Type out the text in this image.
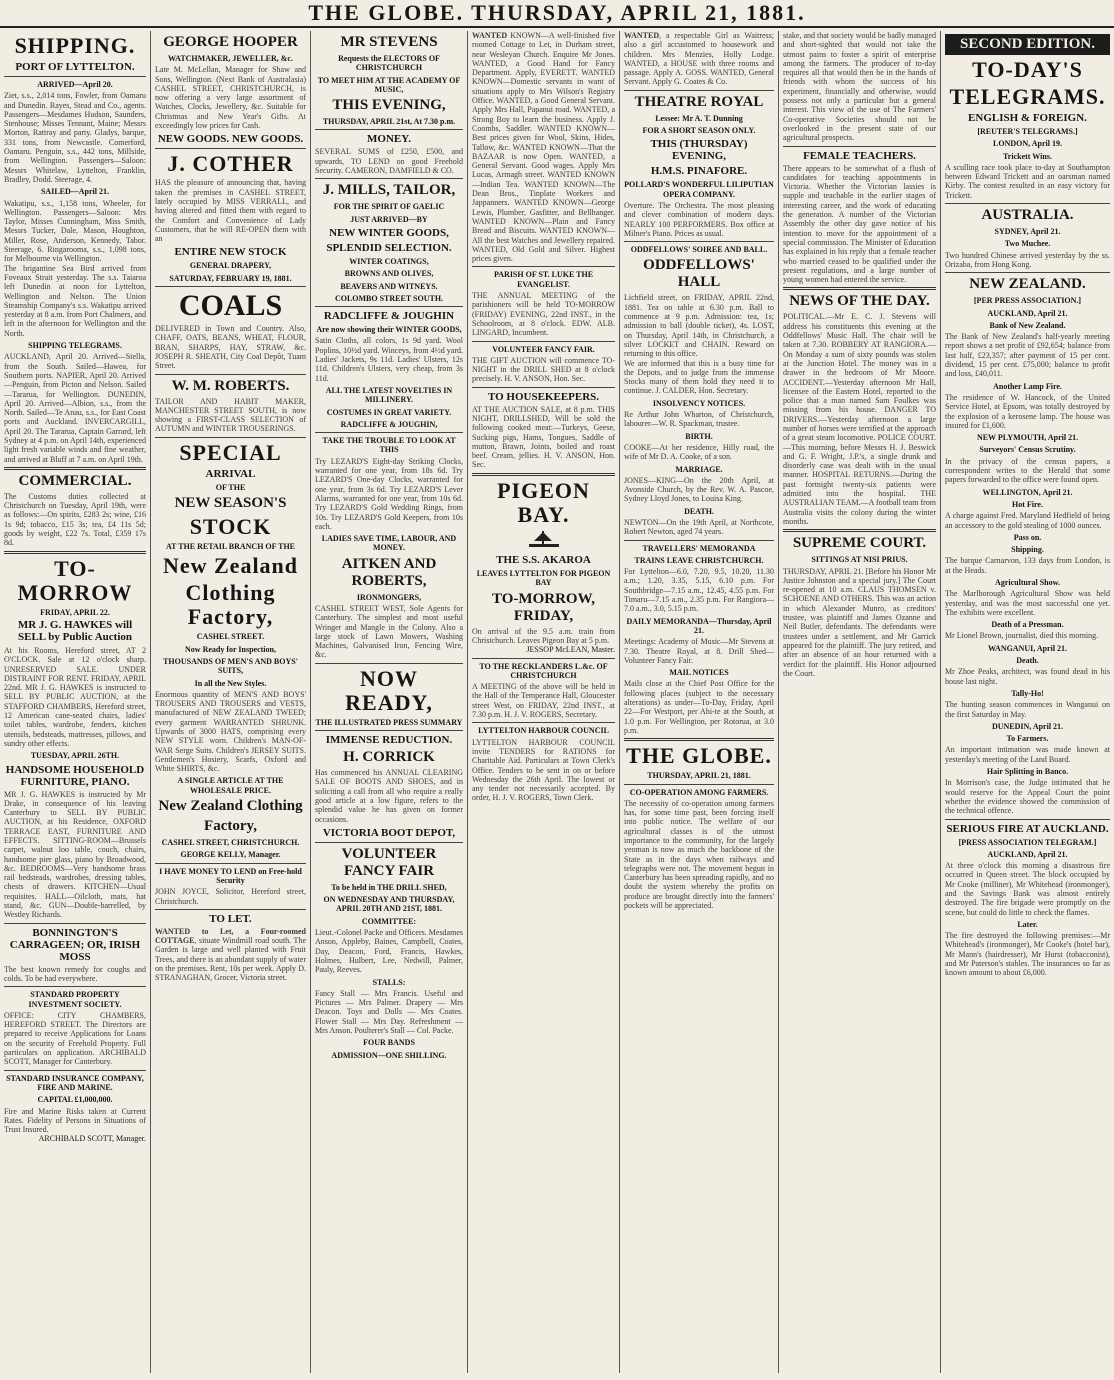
THE GLOBE. THURSDAY, APRIL 21, 1881.
SHIPPING.
PORT OF LYTTELTON.
ARRIVED—April 20.
Ziet, s.s., 2,014 tons, Fowler, from Oamaru and Dunedin. Rayes, Stead and Co., agents. Passengers—Mesdames Hudson, Saunders, Stenhouse; Misses Tennant, Maine; Messrs Morton, Rattray and party. Gladys, barque, 331 tons, from Newcastle. Comerford, Oamaru. Penguin, s.s., 442 tons, Millside, from Wellington. Passengers—Saloon: Messrs Whitelaw, Lyttelton, Franklin, Bradley, Dodd. Steerage, 4.
SAILED—April 21.
Wakatipu, s.s., 1,158 tons, Wheeler, for Wellington. Passengers—Saloon: Mrs Taylor, Misses Cunningham, Miss Smith, Messrs Tucker, Dale, Mason, Houghton, Miller, Rose, Anderson, Kennedy, Tabor. Steerage, 6. Ringarooma, s.s., 1,098 tons, for Melbourne via Wellington.
The brigantine Sea Bird arrived from Foveaux Strait yesterday. The s.s. Taiaroa left Dunedin at noon for Lyttelton, Wellington and Nelson. The Union Steamship Company's s.s. Wakatipu arrived yesterday at 8 a.m. from Port Chalmers, and left in the afternoon for Wellington and the North.
SHIPPING TELEGRAMS.
AUCKLAND, April 20. Arrived—Stella, from the South. Sailed—Hawea, for Southern ports. NAPIER, April 20. Arrived—Penguin, from Picton and Nelson. Sailed—Tararua, for Wellington. DUNEDIN, April 20. Arrived—Albion, s.s., from the North. Sailed—Te Anau, s.s., for East Coast ports and Auckland. INVERCARGILL, April 20. The Tararua, Captain Garrard, left Sydney at 4 p.m. on April 14th, experienced light fresh variable winds and fine weather, and arrived at Bluff at 7 a.m. on April 19th.
COMMERCIAL.
The Customs duties collected at Christchurch on Tuesday, April 19th, were as follows:—On spirits, £283 2s; wine, £16 1s 9d; tobacco, £15 3s; tea, £4 11s 5d; goods by weight, £22 7s. Total, £359 17s 8d.
TO-MORROW
FRIDAY, APRIL 22.
MR J. G. HAWKES will SELL by Public Auction
At his Rooms, Hereford street, AT 2 O'CLOCK. Sale at 12 o'clock sharp. UNRESERVED SALE. UNDER DISTRAINT FOR RENT. FRIDAY, APRIL 22nd. MR J. G. HAWKES is instructed to SELL BY PUBLIC AUCTION, at the STAFFORD CHAMBERS, Hereford street, 12 American cane-seated chairs, ladies' toilet tables, wardrobe, fenders, kitchen utensils, bedsteads, mattresses, pillows, and sundry other effects.
TUESDAY, APRIL 26TH.
HANDSOME HOUSEHOLD FURNITURE, PIANO.
MR J. G. HAWKES is instructed by Mr Drake, in consequence of his leaving Canterbury to SELL BY PUBLIC AUCTION, at his Residence, OXFORD TERRACE EAST, FURNITURE AND EFFECTS. SITTING-ROOM—Brussels carpet, walnut loo table, couch, chairs, handsome pier glass, piano by Broadwood, &c. BEDROOMS—Very handsome brass rail bedsteads, wardrobes, dressing tables, chests of drawers. KITCHEN—Usual requisites. HALL—Oilcloth, mats, hat stand, &c. GUN—Double-barrelled, by Westley Richards.
BONNINGTON'S CARRAGEEN; OR, IRISH MOSS
The best known remedy for coughs and colds. To be had everywhere.
STANDARD PROPERTY INVESTMENT SOCIETY.
OFFICE: CITY CHAMBERS, HEREFORD STREET. The Directors are prepared to receive Applications for Loans on the security of Freehold Property. Full particulars on application. ARCHIBALD SCOTT, Manager for Canterbury.
STANDARD INSURANCE COMPANY, FIRE AND MARINE.
CAPITAL £1,000,000.
Fire and Marine Risks taken at Current Rates. Fidelity of Persons in Situations of Trust Insured.
ARCHIBALD SCOTT, Manager.
GEORGE HOOPER
WATCHMAKER, JEWELLER, &c.
Late M. McLellan, Manager for Shaw and Sons, Wellington. (Next Bank of Australasia) CASHEL STREET, CHRISTCHURCH, is now offering a very large assortment of Watches, Clocks, Jewellery, &c. Suitable for Christmas and New Year's Gifts. At exceedingly low prices for Cash.
NEW GOODS. NEW GOODS.
J. COTHER
HAS the pleasure of announcing that, having taken the premises in CASHEL STREET, lately occupied by MISS VERRALL, and having altered and fitted them with regard to the Comfort and Convenience of Lady Customers, that he will RE-OPEN them with an
ENTIRE NEW STOCK
GENERAL DRAPERY,
SATURDAY, FEBRUARY 19, 1881.
COALS
DELIVERED in Town and Country. Also, CHAFF, OATS, BEANS, WHEAT, FLOUR, BRAN, SHARPS, HAY, STRAW, &c. JOSEPH R. SHEATH, City Coal Depôt, Tuam Street.
W. M. ROBERTS.
TAILOR AND HABIT MAKER, MANCHESTER STREET SOUTH, is now showing a FIRST-CLASS SELECTION of AUTUMN and WINTER TROUSERINGS.
SPECIAL
ARRIVAL
OF THE
NEW SEASON'S
STOCK
AT THE RETAIL BRANCH OF THE
New Zealand
Clothing Factory,
CASHEL STREET.
Now Ready for Inspection,
THOUSANDS OF MEN'S AND BOYS' SUITS,
In all the New Styles.
Enormous quantity of MEN'S AND BOYS' TROUSERS AND TROUSERS and VESTS, manufactured of NEW ZEALAND TWEED; every garment WARRANTED SHRUNK. Upwards of 3000 HATS, comprising every NEW STYLE worn. Children's MAN-OF-WAR Serge Suits. Children's JERSEY SUITS. Gentlemen's Hosiery, Scarfs, Oxford and White SHIRTS, &c.
A SINGLE ARTICLE AT THE WHOLESALE PRICE.
New Zealand Clothing
Factory,
CASHEL STREET, CHRISTCHURCH.
GEORGE KELLY, Manager.
I HAVE MONEY TO LEND on Free-hold Security
JOHN JOYCE, Solicitor, Hereford street, Christchurch.
TO LET.
WANTED to Let, a Four-roomed COTTAGE, situate Windmill road south. The Garden is large and well planted with Fruit Trees, and there is an abundant supply of water on the premises. Rent, 10s per week. Apply D. STRANAGHAN, Grocer, Victoria street.
MR STEVENS
Requests the ELECTORS OF CHRISTCHURCH
TO MEET HIM AT THE ACADEMY OF MUSIC,
THIS EVENING,
THURSDAY, APRIL 21st, At 7.30 p.m.
MONEY.
SEVERAL SUMS of £250, £500, and upwards, TO LEND on good Freehold Security. CAMERON, DAMFIELD & CO.
J. MILLS, TAILOR,
FOR THE SPIRIT OF GAELIC
JUST ARRIVED—BY
NEW WINTER GOODS,
SPLENDID SELECTION.
WINTER COATINGS,
BROWNS AND OLIVES,
BEAVERS AND WITNEYS.
COLOMBO STREET SOUTH.
RADCLIFFE & JOUGHIN
Are now showing their WINTER GOODS,
Satin Cloths, all colors, 1s 9d yard. Wool Poplins, 10½d yard. Winceys, from 4½d yard. Ladies' Jackets, 9s 11d. Ladies' Ulsters, 12s 11d. Children's Ulsters, very cheap, from 3s 11d.
ALL THE LATEST NOVELTIES IN MILLINERY.
COSTUMES IN GREAT VARIETY.
RADCLIFFE & JOUGHIN,
TAKE THE TROUBLE TO LOOK AT THIS
Try LEZARD'S Eight-day Striking Clocks, warranted for one year, from 18s 6d. Try LEZARD'S One-day Clocks, warranted for one year, from 3s 6d. Try LEZARD'S Lever Alarms, warranted for one year, from 10s 6d. Try LEZARD'S Gold Wedding Rings, from 10s. Try LEZARD'S Gold Keepers, from 10s each.
LADIES SAVE TIME, LABOUR, AND MONEY.
AITKEN AND ROBERTS,
IRONMONGERS,
CASHEL STREET WEST, Sole Agents for Canterbury. The simplest and most useful Wringer and Mangle in the Colony. Also a large stock of Lawn Mowers, Washing Machines, Galvanised Iron, Fencing Wire, &c.
NOW READY,
THE ILLUSTRATED PRESS SUMMARY
IMMENSE REDUCTION.
H. CORRICK
Has commenced his ANNUAL CLEARING SALE OF BOOTS AND SHOES, and in soliciting a call from all who require a really good article at a low figure, refers to the splendid value he has given on former occasions.
VICTORIA BOOT DEPOT,
VOLUNTEER FANCY FAIR
To be held in THE DRILL SHED,
ON WEDNESDAY AND THURSDAY, APRIL 20TH AND 21ST, 1881.
COMMITTEE:
Lieut.-Colonel Packe and Officers. Mesdames Anson, Appleby, Baines, Campbell, Coates, Day, Deacon, Ford, Francis, Hawkes, Holmes, Hulbert, Lee, Nedwill, Palmer, Pauly, Reeves.
STALLS:
Fancy Stall — Mrs Francis. Useful and Pictures — Mrs Palmer. Drapery — Mrs Deacon. Toys and Dolls — Mrs Coates. Flower Stall — Mrs Day. Refreshment — Mrs Anson. Poulterer's Stall — Col. Packe.
FOUR BANDS
ADMISSION—ONE SHILLING.
WANTED KNOWN—A well-finished five roomed Cottage to Let, in Durham street, near Wesleyan Church. Enquire Mr Jones. WANTED, a Good Hand for Fancy Department. Apply, EVERETT. WANTED KNOWN—Domestic servants in want of situations apply to Mrs Wilson's Registry Office. WANTED, a Good General Servant. Apply Mrs Hall, Papanui road. WANTED, a Strong Boy to learn the business. Apply J. Coombs, Saddler. WANTED KNOWN—Best prices given for Wool, Skins, Hides, Tallow, &c. WANTED KNOWN—That the BAZAAR is now Open. WANTED, a General Servant. Good wages. Apply Mrs Lucas, Armagh street. WANTED KNOWN—Indian Tea. WANTED KNOWN—The Dean Bros., Tinplate Workers and Jappanners. WANTED KNOWN—George Lewis, Plumber, Gasfitter, and Bellhanger. WANTED KNOWN—Plain and Fancy Bread and Biscuits. WANTED KNOWN—All the best Watches and Jewellery repaired. WANTED, Old Gold and Silver. Highest prices given.
PARISH OF ST. LUKE THE EVANGELIST.
THE ANNUAL MEETING of the parishioners will be held TO-MORROW (FRIDAY) EVENING, 22nd INST., in the Schoolroom, at 8 o'clock. EDW. ALB. LINGARD, Incumbent.
VOLUNTEER FANCY FAIR.
THE GIFT AUCTION will commence TO-NIGHT in the DRILL SHED at 8 o'clock precisely. H. V. ANSON, Hon. Sec.
TO HOUSEKEEPERS.
AT THE AUCTION SALE, at 8 p.m. THIS NIGHT, DRILLSHED, Will be sold the following cooked meat:—Turkeys, Geese, Sucking pigs, Hams, Tongues, Saddle of mutton, Brawn, Joints, boiled and roast beef. Cream, jellies. H. V. ANSON, Hon. Sec.
PIGEON BAY.
THE S.S. AKAROA
LEAVES LYTTELTON FOR PIGEON BAY
TO-MORROW, FRIDAY,
On arrival of the 9.5 a.m. train from Christchurch. Leaves Pigeon Bay at 5 p.m.
JESSOP McLEAN, Master.
TO THE RECKLANDERS L.&c. OF CHRISTCHURCH
A MEETING of the above will be held in the Hall of the Temperance Hall, Gloucester street West, on FRIDAY, 22nd INST., at 7.30 p.m. H. J. V. ROGERS, Secretary.
LYTTELTON HARBOUR COUNCIL
LYTTELTON HARBOUR COUNCIL invite TENDERS for RATIONS for Charitable Aid. Particulars at Town Clerk's Office. Tenders to be sent in on or before Wednesday the 26th April. The lowest or any tender not necessarily accepted. By order, H. J. V. ROGERS, Town Clerk.
WANTED, a respectable Girl as Waitress; also a girl accustomed to housework and children. Mrs Menzies, Holly Lodge. WANTED, a HOUSE with three rooms and passage. Apply A. GOSS. WANTED, General Servant. Apply G. Coates & Co.
THEATRE ROYAL
Lessee: Mr A. T. Dunning
FOR A SHORT SEASON ONLY.
THIS (THURSDAY) EVENING,
H.M.S. PINAFORE.
POLLARD'S WONDERFUL LILIPUTIAN OPERA COMPANY.
Overture. The Orchestra. The most pleasing and clever combination of modern days. NEARLY 100 PERFORMERS. Box office at Milner's Piano. Prices as usual.
ODDFELLOWS' SOIREE AND BALL.
ODDFELLOWS' HALL
Lichfield street, on FRIDAY, APRIL 22nd, 1881. Tea on table at 6.30 p.m. Ball to commence at 9 p.m. Admission: tea, 1s; admission to ball (double ticket), 4s. LOST, on Thursday, April 14th, in Christchurch, a silver LOCKET and CHAIN. Reward on returning to this office.
We are informed that this is a busy time for the Depots, and to judge from the immense Stocks many of them hold they need it to continue. J. CALDER, Hon. Secretary.
INSOLVENCY NOTICES.
Re Arthur John Wharton, of Christchurch, labourer—W. R. Spackman, trustee.
BIRTH.
COOKE—At her residence, Hilly road, the wife of Mr D. A. Cooke, of a son.
MARRIAGE.
JONES—KING—On the 20th April, at Avonside Church, by the Rev. W. A. Pascoe, Sydney Lloyd Jones, to Louisa King.
DEATH.
NEWTON—On the 19th April, at Northcote, Robert Newton, aged 74 years.
TRAVELLERS' MEMORANDA
TRAINS LEAVE CHRISTCHURCH.
For Lyttelton—6.0, 7.20, 9.5, 10.20, 11.30 a.m.; 1.20, 3.35, 5.15, 6.10 p.m. For Southbridge—7.15 a.m., 12.45, 4.55 p.m. For Timaru—7.15 a.m., 2.35 p.m. For Rangiora—7.0 a.m., 3.0, 5.15 p.m.
DAILY MEMORANDA—Thursday, April 21.
Meetings: Academy of Music—Mr Stevens at 7.30. Theatre Royal, at 8. Drill Shed—Volunteer Fancy Fair.
MAIL NOTICES
Mails close at the Chief Post Office for the following places (subject to the necessary alterations) as under—To-Day, Friday, April 22—For Westport, per Ahi-te at the South, at 1.0 p.m. For Wellington, per Rotorua, at 3.0 p.m.
THE GLOBE.
THURSDAY, APRIL 21, 1881.
CO-OPERATION AMONG FARMERS.
The necessity of co-operation among farmers has, for some time past, been forcing itself into public notice. The welfare of our agricultural classes is of the utmost importance to the community, for the largely yeoman is now as much the backbone of the State as in the days when railways and telegraphs were not. The movement begun in Canterbury has been spreading rapidly, and no doubt the system whereby the profits on produce are brought directly into the farmers' pockets will be appreciated.
stake, and that society would be badly managed and short-sighted that would not take the utmost pains to foster a spirit of enterprise among the farmers. The producer of to-day requires all that would then be in the hands of friends with whom the success of his experiment, financially and otherwise, would possess not only a particular but a general interest. This view of the use of The Farmers' Co-operative Societies should not be overlooked in the present state of our agricultural prospects.
FEMALE TEACHERS.
There appears to be somewhat of a flush of candidates for teaching appointments in Victoria. Whether the Victorian lassies is supple and teachable in the earlier stages of interesting career, and the work of educating the generation. A number of the Victorian Assembly the other day gave notice of his intention to move for the appointment of a special commission. The Minister of Education has explained in his reply that a female teacher who married ceased to be qualified under the present regulations, and a large number of young women had entered the service.
NEWS OF THE DAY.
POLITICAL.—Mr E. C. J. Stevens will address his constituents this evening at the Oddfellows' Music Hall. The chair will be taken at 7.30. ROBBERY AT RANGIORA.—On Monday a sum of sixty pounds was stolen at the Junction Hotel. The money was in a drawer in the bedroom of Mr Moore. ACCIDENT.—Yesterday afternoon Mr Hall, licensee of the Eastern Hotel, reported to the police that a man named Sam Foulkes was missing from his house. DANGER TO DRIVERS.—Yesterday afternoon a large number of horses were terrified at the approach of a great steam locomotive. POLICE COURT.—This morning, before Messrs H. J. Beswick and G. F. Wright, J.P.'s, a single drunk and disorderly case was dealt with in the usual manner. HOSPITAL RETURNS.—During the past fortnight twenty-six patients were admitted into the hospital. THE AUSTRALIAN TEAM.—A football team from Australia visits the colony during the winter months.
SUPREME COURT.
SITTINGS AT NISI PRIUS.
THURSDAY, APRIL 21. [Before his Honor Mr Justice Johnston and a special jury.] The Court re-opened at 10 a.m. CLAUS THOMSEN v. SCHOENE AND OTHERS. This was an action in which Alexander Munro, as creditors' trustee, was plaintiff and James Ozanne and Neil Butler, defendants. The defendants were trustees under a settlement, and Mr Garrick appeared for the plaintiff. The jury retired, and after an absence of an hour returned with a verdict for the plaintiff. His Honor adjourned the Court.
SECOND EDITION.
TO-DAY'S
TELEGRAMS.
ENGLISH & FOREIGN.
[REUTER'S TELEGRAMS.]
LONDON, April 19.
Trickett Wins.
A sculling race took place to-day at Southampton between Edward Trickett and an oarsman named Kirby. The contest resulted in an easy victory for Trickett.
AUSTRALIA.
SYDNEY, April 21.
Two Muchee.
Two hundred Chinese arrived yesterday by the ss. Orizaba, from Hong Kong.
NEW ZEALAND.
[PER PRESS ASSOCIATION.]
AUCKLAND, April 21.
Bank of New Zealand.
The Bank of New Zealand's half-yearly meeting report shows a net profit of £92,654; balance from last half, £23,357; after payment of 15 per cent. dividend, 15 per cent. £75,000; balance to profit and loss, £40,011.
Another Lamp Fire.
The residence of W. Hancock, of the United Service Hotel, at Epsom, was totally destroyed by the explosion of a kerosene lamp. The house was insured for £1,600.
NEW PLYMOUTH, April 21.
Surveyors' Census Scrutiny.
In the privacy of the census papers, a correspondent writes to the Herald that some papers forwarded to the office were found open.
WELLINGTON, April 21.
Hot Fire.
A charge against Fred. Maryland Hedfield of being an accessory to the gold stealing of 1000 ounces.
Pass on.
Shipping.
The barque Carnarvon, 133 days from London, is at the Heads.
Agricultural Show.
The Marlborough Agricultural Show was held yesterday, and was the most successful one yet. The exhibits were excellent.
Death of a Pressman.
Mr Lionel Brown, journalist, died this morning.
WANGANUI, April 21.
Death.
Mr Zhoe Peaks, architect, was found dead in his house last night.
Tally-Ho!
The hunting season commences in Wanganui on the first Saturday in May.
DUNEDIN, April 21.
To Farmers.
An important intimation was made known at yesterday's meeting of the Land Board.
Hair Splitting in Banco.
In Morrison's case, the Judge intimated that he would reserve for the Appeal Court the point whether the evidence showed the commission of the technical offence.
SERIOUS FIRE AT AUCKLAND.
[PRESS ASSOCIATION TELEGRAM.]
AUCKLAND, April 21.
At three o'clock this morning a disastrous fire occurred in Queen street. The block occupied by Mr Cooke (milliner), Mr Whitehead (ironmonger), and the Savings Bank was almost entirely destroyed. The fire brigade were promptly on the scene, but could do little to check the flames.
Later.
The fire destroyed the following premises:—Mr Whitehead's (ironmonger), Mr Cooke's (hotel bar), Mr Mann's (hairdresser), Mr Hurst (tobacconist), and Mr Paterson's stables. The insurances so far as known amount to about £6,000.
